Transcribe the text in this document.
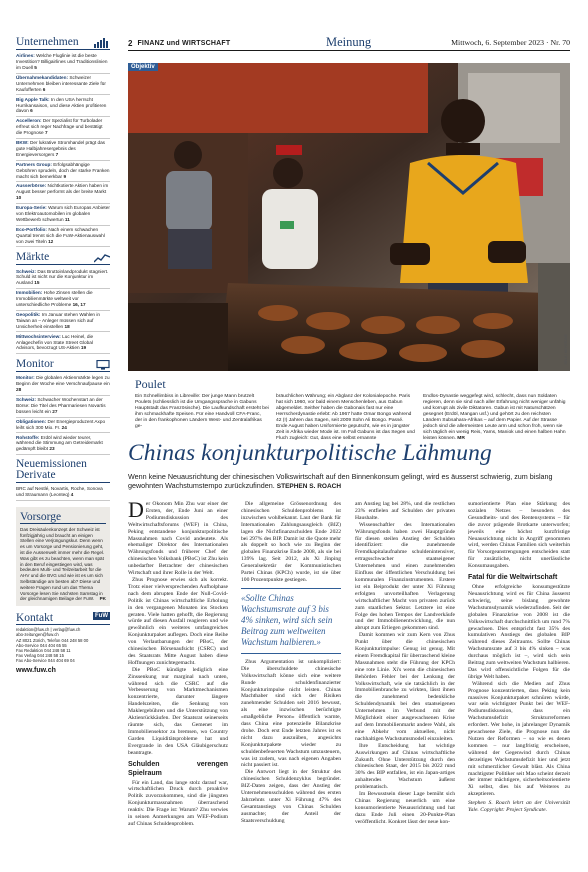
Unternehmen
Airlines: Welche Fluglinie ist die beste Investition? Billigairlines und Traditionslinien im Duell 5
Übernahmekandidaten: Schweizer Unternehmen bleiben interessante Ziele für Kaufofferten 6
Big Apple Talk: In den USA herrscht Hurrikansaison, und diese Aktien profitieren davon 6
Accelleron: Der Spezialist für Turbolader erfreut sich reger Nachfrage und bestätigt die Prognose 7
BKW: Der lukrative Stromhandel prägt das gute Halbjahresergebnis des Energieversorgers 7
Partners Group: Erfolgsabhängige Gebühren sprudeln, doch der starke Franken macht sich bemerkbar 9
Ausserbörse: Nichtkotierte Aktien haben im August besser performt als der breite Markt 10
Europa-Serie: Warum sich Europas Anbieter von Elektroautomobilen im globalen Wettbewerb schwertun 11
Eco-Portfolio: Nach einem schwachen Quartal trennt sich die FuW-Aktienauswahl von zwei Titeln 12
Märkte
Schweiz: Das Bruttoinlandprodukt stagniert. Schuld ist nicht nur die Konjunktur im Ausland 15
Immobilien: Hohe Zinsen stellen die Immobilienmärkte weltweit vor unterschiedliche Probleme 16, 17
Geopolitik: Im Januar stehen Wahlen in Taiwan an – Anleger müssen sich auf Unsicherheit einstellen 18
Mittwochsinterview: Luc Heinel, die Anlagechefin von State Street Global Advisors, bevorzugt US-Aktien 19
Monitor
Monitor: Die globalen Aktienmärkte legen zu Beginn der Woche eine Verschnaufpause ein 28
Schweiz: Schwacher Wochenstart an der Börse: Die Titel des Pharmariesen Novartis büssen leicht ein 27
Obligationen: Der Energieproduzent Axpo leiht sich 300 Mio. Fr. 24
Rohstoffe: Erdöl wird wieder teurer, während die Stimmung am Getreidemarkt gedämpft bleibt 23
Neuemissionen Derivate
BRC auf Nestlé, Novartis, Roche, Sonova und Straumann (Leonteq) 4
Vorsorge

Das Dreisäulenkonzept der Schweiz ist fünfzigjährig und braucht an einigen Stellen eine Verjüngungskur. Denn wenn es um Vorsorge und Pensionierung geht, ist die Aussenwelt immer mehr die Regel. Was gibt es zu beachten, wenn man spät in den Beruf eingestiegen wird, was bedeuten Multi- und Teilzeitarbeit für die AHV und die BVG und wie ist es um sich Selbständige am besten ab? Diese und weitere Fragen rund um das Thema Vorsorge lesen Sie nächsten Samstag in der gleichnamigen Beilage der FuW. PK

Kontakt	FuW

redaktion@fuw.ch | verlag@fuw.ch

abo-zeitungen@fuw.ch

AZ 8021 Zürich, Telefon 044 248 58 00

Abo-Service 044 404 65 55

Fax Redaktion 044 248 58 11

Fax Verlag 044 248 58 15

Fax Abo-Service 044 404 69 04

www.fuw.ch
2 FINANZ und WIRTSCHAFT	Meinung	Mittwoch, 6. September 2023 · Nr. 70
Objektiv
SELA / KEYSTONE
Poulet
Ein Schnellimbiss in Libreville: Der junge Mann brutzelt Poulets (schliesslich ist die Umgangssprache in Gabuns Hauptstadt das Französische). Die Laufkundschaft ersteht bei ihm schmackhafte Speisen. Für eine Handvoll CFA-Franc, der in den frankophonen Ländern West- und Zentralafrikas ge-
bräuchlichen Währung; ein Abglanz der Kolonialepoche. Paris hat sich 1960, vor bald einem Menschenleben, aus Gabun abgemeldet. Seither haben die Gabonais fast nur eine Herrscherdynastie erlebt: Ab 1967 hatte Omar Bongo während 42 (!) Jahren das Sagen, seit 2009 Sohn Ali Bongo. Passé. Ende August haben Uniformierte geputscht, wie es in jüngster Zeit in Afrika wieder Mode ist. Im Fall Gabuns ist das Segen und Fluch zugleich: Gut, dass eine selbst ernannte
Endlos-Dynastie weggefegt wird, schlecht, dass nun Soldaten regieren, denn sie sind nach aller Erfahrung nicht weniger unfähig und korrupt als zivile Diktatoren. Gabun ist mit Naturschätzen gesegnet (Erdöl, Mangan usf.) und gehört zu den reichsten Ländern Subsahara-Afrikas – auf dem Papier. Auf der Strasse jedoch sind die allermeisten Leute arm und schon froh, wenn sie sich täglich ein wenig Reis, Yams, Maniok und einen halben Hahn leisten können. MR
Chinas konjunkturpolitische Lähmung
Wenn keine Neuausrichtung der chinesischen Volkswirtschaft auf den Binnenkonsum gelingt, wird es äusserst schwierig, zum bislang gewohnten Wachstumstempo zurückzufinden. STEPHEN S. ROACH

Der Ökonom Min Zhu war einer der Ersten, der, Ende Juni an einer Podiumsdiskussion des Weltwirtschaftsforums (WEF) in China, Peking entstandene konjunkturpolitische Massnahmen nach Covid andeutete. Als ehemaliger Direktor des Internationalen Währungsfonds und früherer Chef der chinesischen Volksbank (PBoC) ist Zhu kein unbedarfter Betrachter der chinesischen Wirtschaft und ihrer Rolle in der Welt.

Zhus Prognose erwies sich als korrekt. Trotz einer vielversprechenden Aufholphase nach dem abrupten Ende der Null-Covid-Politik ist Chinas wirtschaftliche Erholung in den vergangenen Monaten ins Stocken geraten. Viele hatten gehofft, die Regierung würde auf diesen Ausfall reagieren und wie gewöhnlich ein weiteres umfangreiches Konjunkturpaket auflegen. Doch eine Reihe von Verlautbarungen der PBoC, der chinesischen Börsenaufsicht (CSRC) und des Staatsrats Mitte August haben diese Hoffnungen zunichtegemacht.

Die PBoC kündigte lediglich eine Zinssenkung nur marginal nach unten, während sich die CSRC auf die Verbesserung von Marktmechanismen konzentrierte, darunter längere Handelszeiten, die Senkung von Maklergebühren und die Unterstützung von Aktienrückkäufen. Der Staatsrat seinerseits räumte sich, das Gemenet im Immobiliensektor zu bremsen, wo Country Garden Liquiditätsprobleme hat und Evergrande in den USA Gläubigerschutz beantragte.

Schulden verengen Spielraum

Für ein Land, das lange stolz darauf war, wirtschaftlichen Druck durch proaktive Politik zuvorzukommen, sind die jüngsten Konjunkturmassnahmen überraschend reaktiv. Die Frage ist: Warum? Zhu verwies in seinen Anmerkungen am WEF-Podium auf Chinas Schuldenproblem.

Die allgemeine Grössenordnung des chinesischen Schuldenproblems ist inzwischen wohlbekannt. Laut der Bank für Internationalen Zahlungsausgleich (BIZ) lagen die Nichtfinanzschulden Ende 2022 bei 297% des BIP. Damit ist die Quote mehr als doppelt so hoch wie zu Beginn der globalen Finanzkrise Ende 2008, als sie bei 139% lag. Seit 2012, als Xi Jinping Generalsekretär der Kommunistischen Partei Chinas (KPCh) wurde, ist sie über 100 Prozentpunkte gestiegen.

«Sollte Chinas Wachstumsrate auf 3 bis 4% sinken, wird sich sein Beitrag zum weltweiten Wachstum halbieren.»

Zhus Argumentation ist unkompliziert: Die überschuldete chinesische Volkswirtschaft könne sich eine weitere Runde schuldenfinanzierter Konjunkturimpulse nicht leisten. Chinas Machthaber sind sich der Risiken zunehmender Schulden seit 2016 bewusst, als eine inzwischen berüchtigte «maßgebliche Person» öffentlich warnte, dass China eine potenzielle Bilanzkrise drohe. Doch erst Ende letzten Jahres ist es nicht dazu auszuüben, angesichts Konjunkturpakete wieder zu schuldenbefeuerten Wachstum umzusteuern, was ist zudem, was nach eigenen Angaben nicht passiert ist.

Die Antwort liegt in der Struktur des chinesischen Schuldenzyklus begründet. BIZ-Daten zeigen, dass der Anstieg der Unternehmensschulden während des ersten Jahrzehnts unter Xi Führung 47% des Gesamtanstiegs von Chinas Schulden ausmachte; der Anteil der Staatsverschuldung

am Anstieg lag bei 28%, und die restlichen 23% entfielen auf Schulden der privaten Haushalte.

Wissenschaftler des Internationalen Währungsfonds haben zwei Hauptgründe für diesen steilen Anstieg der Schulden identifiziert: die zunehmende Fremdkapitalaufnahme schuldenintensiver, ertragsschwacher staatseigener Unternehmen und einen zunehmenden Einfluss der öffentlichen Verschuldung bei kommunalen Finanzinstrumenten. Erstere ist ein Beiprodukt der unter Xi Führung erfolgten unvorteilhaften Verlagerung wirtschaftlicher Macht von privaten zurück zum staatlichen Sektor. Letztere ist eine Folge des hohen Tempos der Landverkäufe und der Immobilienentwicklung, die nun abrupt zum Erliegen gekommen sind.

Damit kommen wir zum Kern von Zhus Punkt über die chinesischen Konjunkturimpulse: Genug ist genug. Mit einem Fremdkapital für überraschend kleine Massnahmen steht die Führung der KPCh eine rote Linie. Xi's wenn die chinesischen Behörden Fehler bei der Lenkung der Volkswirtschaft, wie sie tatsächlich in der Immobilienbranche zu wirkten, lässt ihnen die zunehmend bedenkliche Schuldendynamik bei den staatseigenen Unternehmen im Verbund mit der Möglichkeit einer ausgewachsenen Krise auf dem Immobilienmarkt andere Wahl, als eine Abkehr vom aktuellen, nicht nachhaltigen Wachstumsmodell einzuleiten.

Ihre Entscheidung hat wichtige Auswirkungen auf Chinas wirtschaftliche Zukunft. Ohne Unterstützung durch den chinesischen Staat, der 2015 bis 2022 rund 30% des BIP entfallen, ist ein Japan-artiges anhaltendes Wachstum äußerst problematisch.

Im Bewusstsein dieser Lage bemüht sich Chinas Regierung neuerlich um eine konsumorientierte Neuausrichtung und hat dazu Ende Juli einen 20-Punkte-Plan veröffentlicht. Konkret lässt der neue kon-

sumorientierte Plan eine Stärkung des sozialen Netzes – besonders des Gesundheits- und des Rentensystems – für die zuvor prägende Brotkarte unterworfen; jeweils eine höchst kurzfristige Neuausrichtung nicht in Angriff genommen wird, werden Chinas Familien sich weiterhin für Vorsorgeanstrengungen entscheiden statt für zusätzliche, nicht unerlässliche Konsumausgaben.

Fatal für die Weltwirtschaft

Ohne erfolgreiche konsumgestützte Neuausrichtung wird es für China äusserst schwierig, seine bislang gewohnte Wachstumsdynamik wiederzufinden. Seit der globalen Finanzkrise von 2008 ist die Volkswirtschaft durchschnittlich um rund 7% gewachsen. Dies entspricht fast 35% des kumulativen Anstiegs des globalen BIP während dieses Zeitraums. Sollte Chinas Wachstumsrate auf 3 bis 4% sinken – was durchaus möglich ist –, wird sich sein Beitrag zum weltweiten Wachstum halbieren. Das wird offensichtliche Folgen für die übrige Welt haben.

Während sich die Medien auf Zhus Prognose konzentrierten, dass Peking kein massives Konjunkturpaket schnüren würde, war sein wichtigster Punkt bei der WEF-Podiumsdiskussion, dass ein Wachstumsdefizit Strukturreformen erfordert. Wer hohe, in jahrelanger Dynamik gewachsene Ziele, die Prognose nun die Nutzen der Reformen – so wie es denen kommen – nur langfristig erscheinen, während der Gegenwind durch Chinas derzeitiges Wachstumsdefizit hier und jetzt mit schmerzlicher Gewalt bläst. Als China machtigster Politiker seit Mao scheint derzeit der immer mächtigere, sicherheitsorientierte Xi selbst, dies bis auf Weiteres zu akzeptieren.

Stephen S. Roach lehrt an der Universität Yale. Copyright: Project Syndicate.
